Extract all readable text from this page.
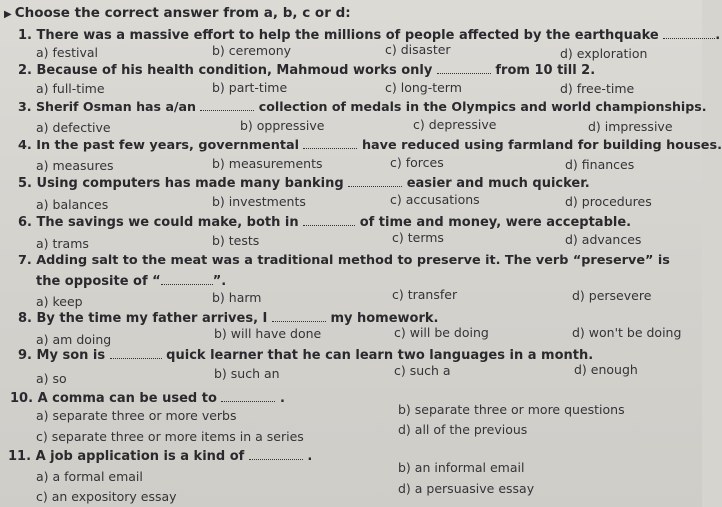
▶ Choose the correct answer from a, b, c or d:
1. There was a massive effort to help the millions of people affected by the earthquake	.
a) festival	b) ceremony	c) disaster	d) exploration
2. Because of his health condition, Mahmoud works only	from 10 till 2.
a) full-time	b) part-time	c) long-term	d) free-time
3. Sherif Osman has a/an	collection of medals in the Olympics and world championships.
a) defective	b) oppressive	c) depressive	d) impressive
4. In the past few years, governmental	have reduced using farmland for building houses.
a) measures	b) measurements	c) forces	d) finances
5. Using computers has made many banking	easier and much quicker.
a) balances	b) investments	c) accusations	d) procedures
6. The savings we could make, both in	of time and money, were acceptable.
a) trams	b) tests	c) terms	d) advances
7. Adding salt to the meat was a traditional method to preserve it. The verb “preserve” is
the opposite of “	”.
a) keep	b) harm	c) transfer	d) persevere
8. By the time my father arrives, I	my homework.
a) am doing	b) will have done	c) will be doing	d) won't be doing
9. My son is	quick learner that he can learn two languages in a month.
a) so	b) such an	c) such a	d) enough
10. A comma can be used to	.
a) separate three or more verbs	b) separate three or more questions
c) separate three or more items in a series	d) all of the previous
11. A job application is a kind of	.
a) a formal email
b) an informal email
c) an expository essay
d) a persuasive essay
